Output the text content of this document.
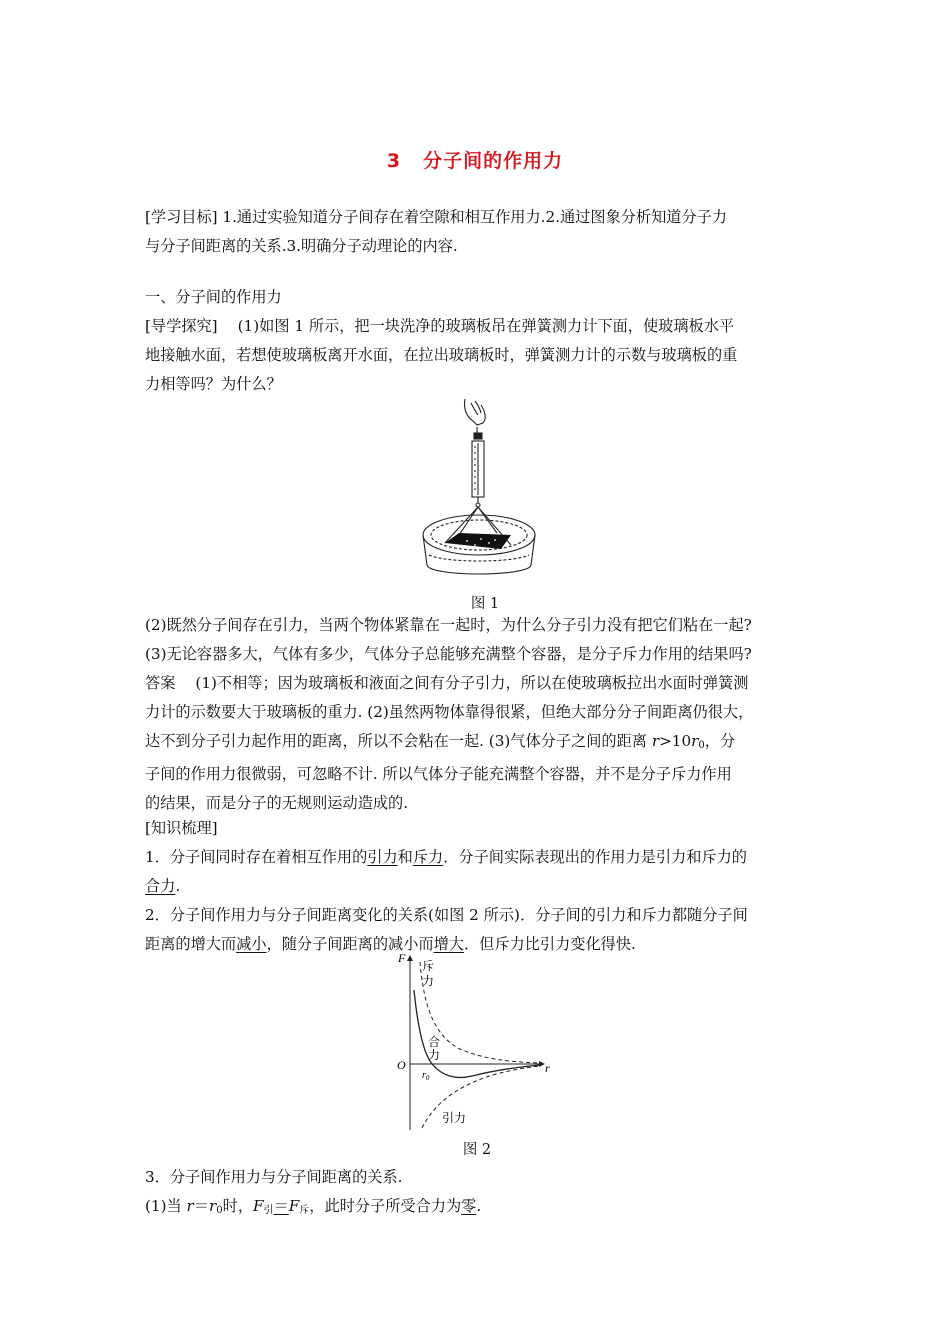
3 分子间的作用力
[学习目标] 1.通过实验知道分子间存在着空隙和相互作用力.2.通过图象分析知道分子力
与分子间距离的关系.3.明确分子动理论的内容.
一、分子间的作用力
[导学探究]　 (1)如图 1 所示，把一块洗净的玻璃板吊在弹簧测力计下面，使玻璃板水平
地接触水面，若想使玻璃板离开水面，在拉出玻璃板时，弹簧测力计的示数与玻璃板的重
力相等吗？为什么？
图 1
(2)既然分子间存在引力，当两个物体紧靠在一起时，为什么分子引力没有把它们粘在一起?
(3)无论容器多大，气体有多少，气体分子总能够充满整个容器，是分子斥力作用的结果吗?
答案　 (1)不相等；因为玻璃板和液面之间有分子引力，所以在使玻璃板拉出水面时弹簧测
力计的示数要大于玻璃板的重力. (2)虽然两物体靠得很紧，但绝大部分分子间距离仍很大，
达不到分子引力起作用的距离，所以不会粘在一起. (3)气体分子之间的距离 $r>10r_0$，分
子间的作用力很微弱，可忽略不计. 所以气体分子能充满整个容器，并不是分子斥力作用
的结果，而是分子的无规则运动造成的.
[知识梳理]
1．分子间同时存在着相互作用的引力和斥力．分子间实际表现出的作用力是引力和斥力的
合力.
2．分子间作用力与分子间距离变化的关系(如图 2 所示)．分子间的引力和斥力都随分子间
距离的增大而减小，随分子间距离的减小而增大．但斥力比引力变化得快.
F
r
O
$r_0$
斥
力
合
力
引力
图 2
3．分子间作用力与分子间距离的关系.
(1)当 $r=r_0$时，$F_引=F_斥$，此时分子所受合力为零.
